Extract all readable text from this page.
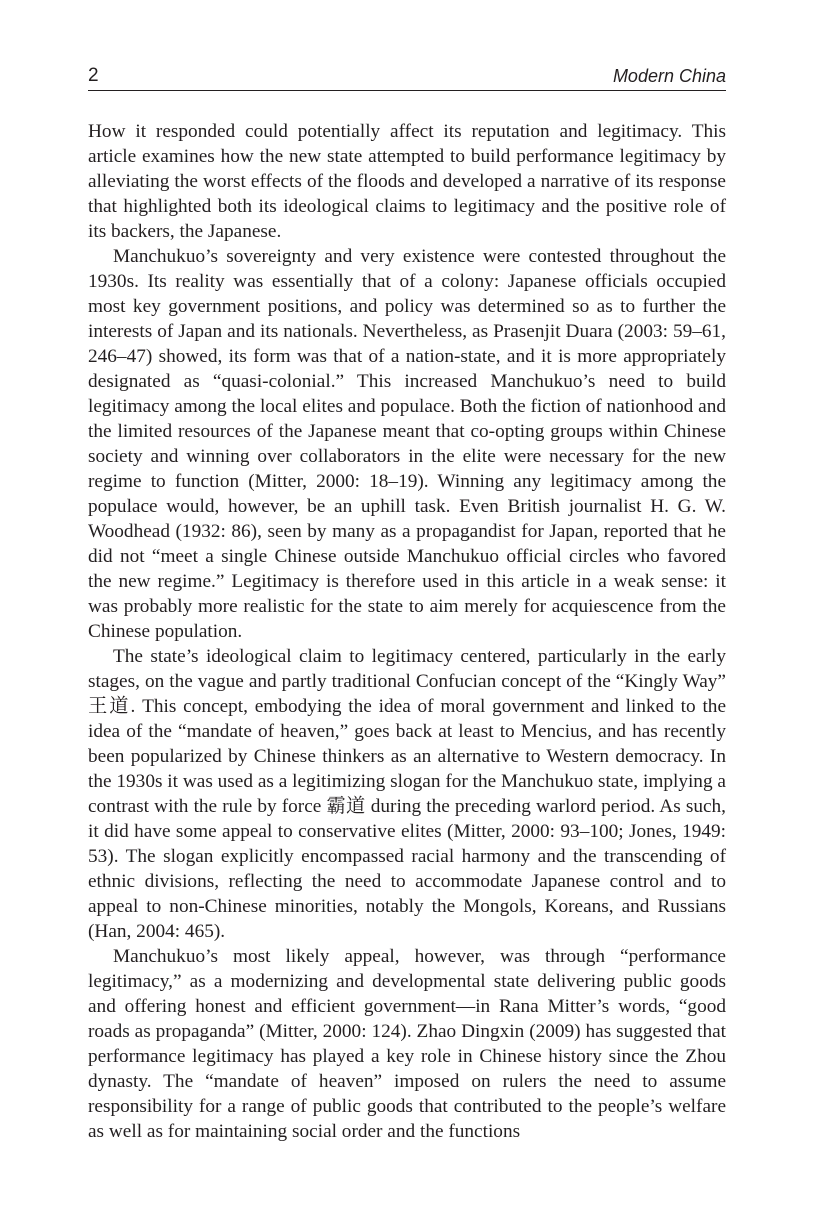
2	Modern China

How it responded could potentially affect its reputation and legitimacy. This article examines how the new state attempted to build performance legitimacy by alleviating the worst effects of the floods and developed a narrative of its response that highlighted both its ideological claims to legitimacy and the positive role of its backers, the Japanese.

Manchukuo’s sovereignty and very existence were contested throughout the 1930s. Its reality was essentially that of a colony: Japanese officials occupied most key government positions, and policy was determined so as to further the interests of Japan and its nationals. Nevertheless, as Prasenjit Duara (2003: 59–61, 246–47) showed, its form was that of a nation-state, and it is more appropriately designated as “quasi-colonial.” This increased Manchukuo’s need to build legitimacy among the local elites and populace. Both the fiction of nationhood and the limited resources of the Japanese meant that co-opting groups within Chinese society and winning over collaborators in the elite were necessary for the new regime to function (Mitter, 2000: 18–19). Winning any legitimacy among the populace would, however, be an uphill task. Even British journalist H. G. W. Woodhead (1932: 86), seen by many as a propagandist for Japan, reported that he did not “meet a single Chinese outside Manchukuo official circles who favored the new regime.” Legitimacy is therefore used in this article in a weak sense: it was probably more realistic for the state to aim merely for acquiescence from the Chinese population.

The state’s ideological claim to legitimacy centered, particularly in the early stages, on the vague and partly traditional Confucian concept of the “Kingly Way” 王道. This concept, embodying the idea of moral government and linked to the idea of the “mandate of heaven,” goes back at least to Mencius, and has recently been popularized by Chinese thinkers as an alternative to Western democracy. In the 1930s it was used as a legitimizing slogan for the Manchukuo state, implying a contrast with the rule by force 霸道 during the preceding warlord period. As such, it did have some appeal to conservative elites (Mitter, 2000: 93–100; Jones, 1949: 53). The slogan explicitly encompassed racial harmony and the transcending of ethnic divisions, reflecting the need to accommodate Japanese control and to appeal to non-Chinese minorities, notably the Mongols, Koreans, and Russians (Han, 2004: 465).

Manchukuo’s most likely appeal, however, was through “performance legitimacy,” as a modernizing and developmental state delivering public goods and offering honest and efficient government—in Rana Mitter’s words, “good roads as propaganda” (Mitter, 2000: 124). Zhao Dingxin (2009) has suggested that performance legitimacy has played a key role in Chinese history since the Zhou dynasty. The “mandate of heaven” imposed on rulers the need to assume responsibility for a range of public goods that contributed to the people’s welfare as well as for maintaining social order and the functions
